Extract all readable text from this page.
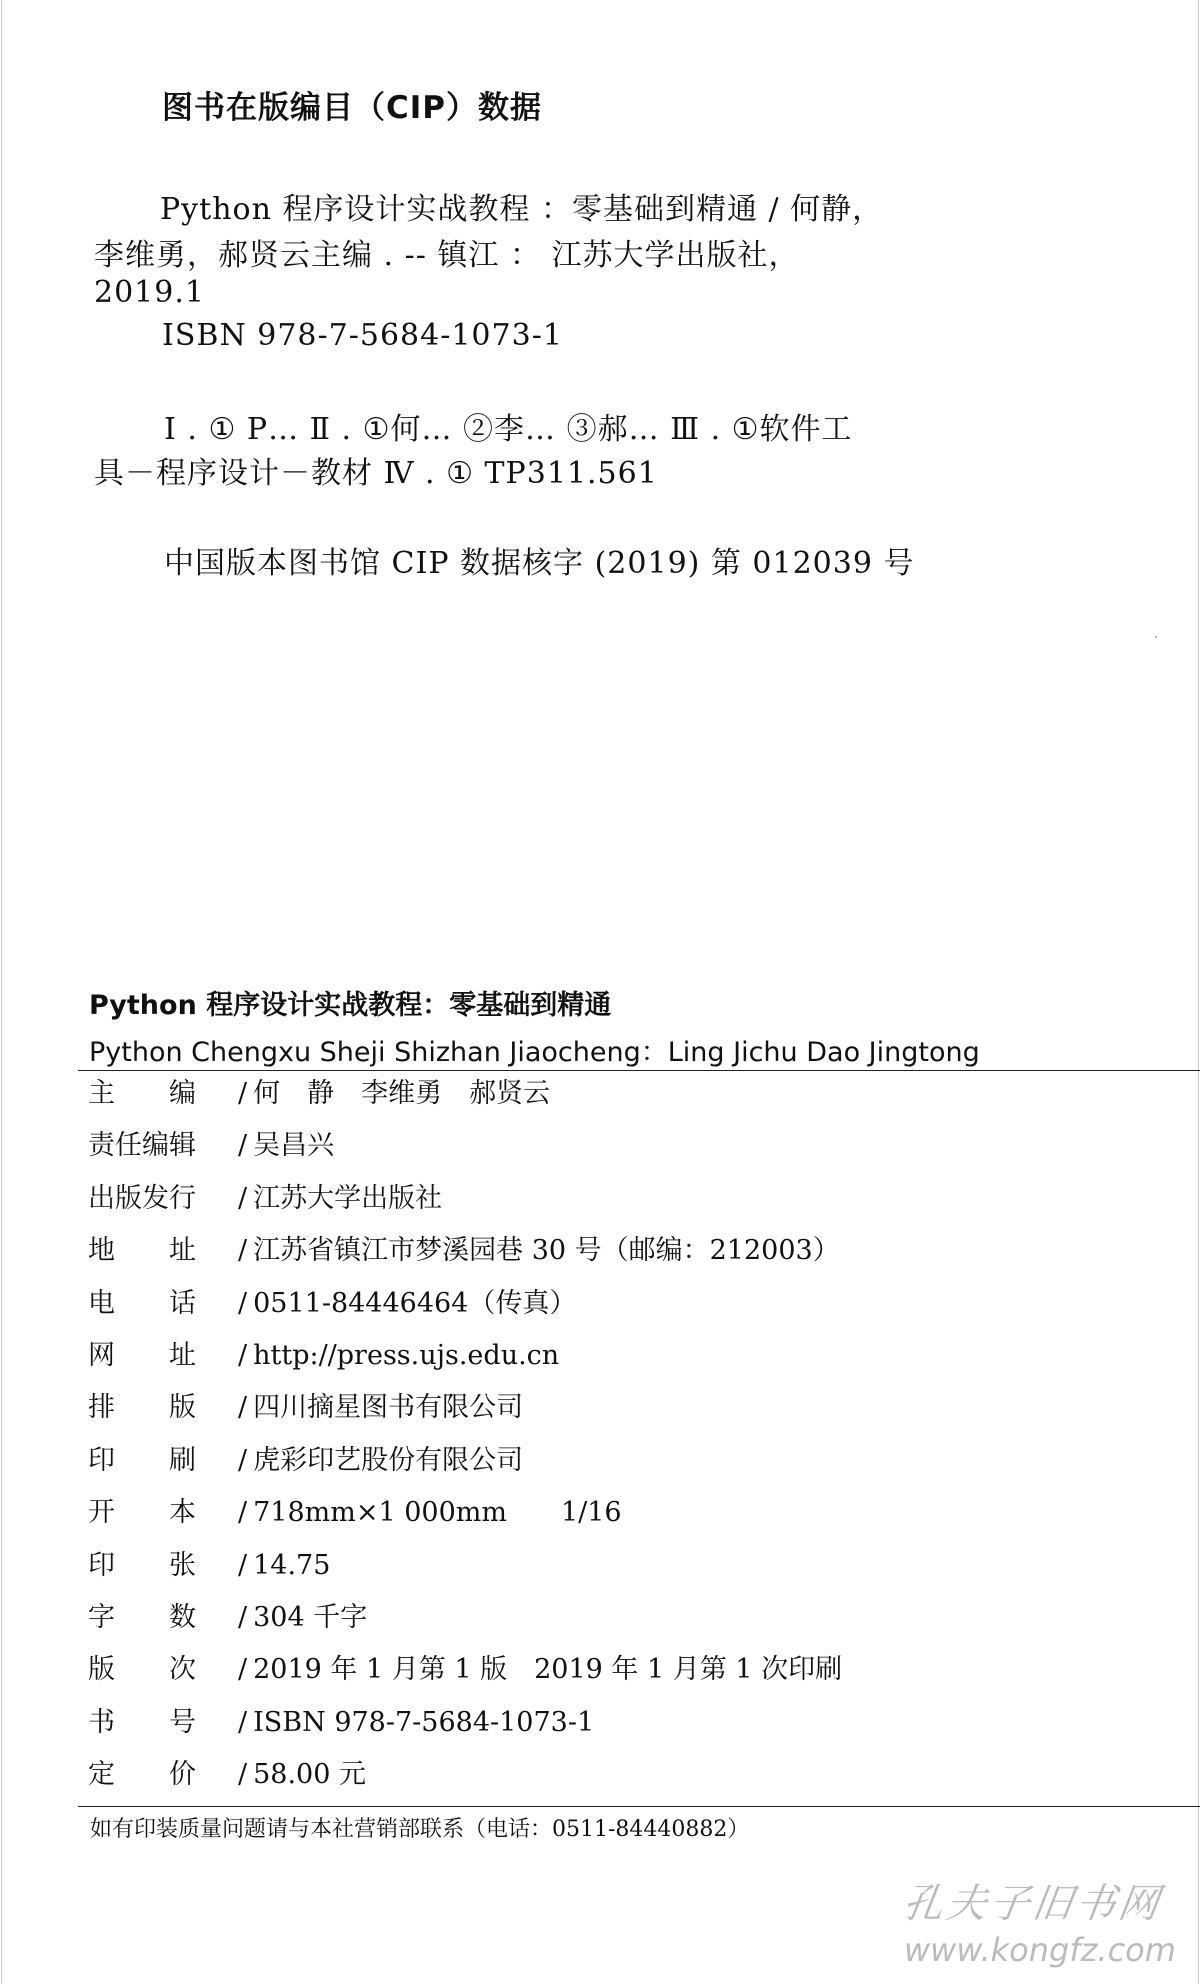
图书在版编目（CIP）数据
Python 程序设计实战教程 ：零基础到精通 / 何静，
李维勇，郝贤云主编 . -- 镇江 ： 江苏大学出版社，
2019.1
ISBN 978-7-5684-1073-1
Ⅰ . ① P… Ⅱ . ①何… ②李… ③郝… Ⅲ . ①软件工
具－程序设计－教材 Ⅳ . ① TP311.561
中国版本图书馆 CIP 数据核字 (2019) 第 012039 号
Python 程序设计实战教程：零基础到精通
Python Chengxu Sheji Shizhan Jiaocheng：Ling Jichu Dao Jingtong
主　　编 / 何　静　李维勇　郝贤云
责任编辑 / 吴昌兴
出版发行 / 江苏大学出版社
地　　址 / 江苏省镇江市梦溪园巷 30 号（邮编：212003）
电　　话 / 0511-84446464（传真）
网　　址 / http://press.ujs.edu.cn
排　　版 / 四川摘星图书有限公司
印　　刷 / 虎彩印艺股份有限公司
开　　本 / 718mm×1 000mm　　1/16
印　　张 / 14.75
字　　数 / 304 千字
版　　次 / 2019 年 1 月第 1 版　2019 年 1 月第 1 次印刷
书　　号 / ISBN 978-7-5684-1073-1
定　　价 / 58.00 元
如有印装质量问题请与本社营销部联系（电话：0511-84440882）
孔夫子旧书网
www.kongfz.com
